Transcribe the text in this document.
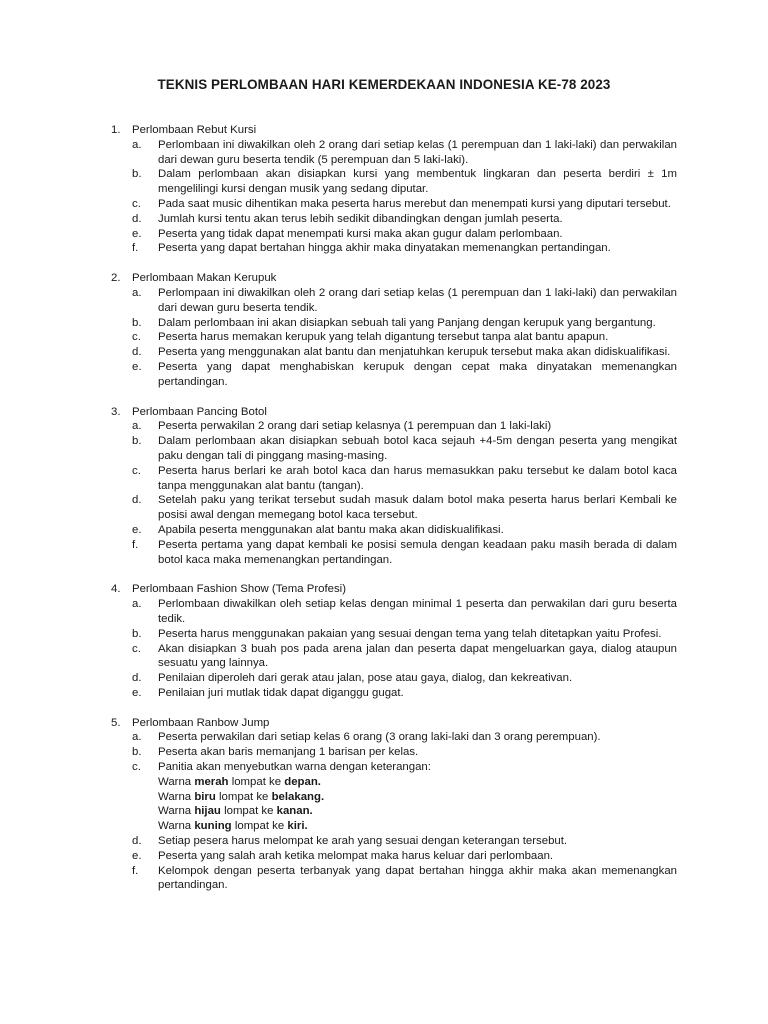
TEKNIS PERLOMBAAN HARI KEMERDEKAAN INDONESIA KE-78 2023
1.	Perlombaan Rebut Kursi
a.	Perlombaan ini diwakilkan oleh 2 orang dari setiap kelas (1 perempuan dan 1 laki-laki) dan perwakilan dari dewan guru beserta tendik (5 perempuan dan 5 laki-laki).
b.	Dalam perlombaan akan disiapkan kursi yang membentuk lingkaran dan peserta berdiri ± 1m mengelilingi kursi dengan musik yang sedang diputar.
c.	Pada saat music dihentikan maka peserta harus merebut dan menempati kursi yang diputari tersebut.
d.	Jumlah kursi tentu akan terus lebih sedikit dibandingkan dengan jumlah peserta.
e.	Peserta yang tidak dapat menempati kursi maka akan gugur dalam perlombaan.
f.	Peserta yang dapat bertahan hingga akhir maka dinyatakan memenangkan pertandingan.
2.	Perlombaan Makan Kerupuk
a.	Perlompaan ini diwakilkan oleh 2 orang dari setiap kelas (1 perempuan dan 1 laki-laki) dan perwakilan dari dewan guru beserta tendik.
b.	Dalam perlombaan ini akan disiapkan sebuah tali yang Panjang dengan kerupuk yang bergantung.
c.	Peserta harus memakan kerupuk yang telah digantung tersebut tanpa alat bantu apapun.
d.	Peserta yang menggunakan alat bantu dan menjatuhkan kerupuk tersebut maka akan didiskualifikasi.
e.	Peserta yang dapat menghabiskan kerupuk dengan cepat maka dinyatakan memenangkan pertandingan.
3.	Perlombaan Pancing Botol
a.	Peserta perwakilan 2 orang dari setiap kelasnya (1 perempuan dan 1 laki-laki)
b.	Dalam perlombaan akan disiapkan sebuah botol kaca sejauh +4-5m dengan peserta yang mengikat paku dengan tali di pinggang masing-masing.
c.	Peserta harus berlari ke arah botol kaca dan harus memasukkan paku tersebut ke dalam botol kaca tanpa menggunakan alat bantu (tangan).
d.	Setelah paku yang terikat tersebut sudah masuk dalam botol maka peserta harus berlari Kembali ke posisi awal dengan memegang botol kaca tersebut.
e.	Apabila peserta menggunakan alat bantu maka akan didiskualifikasi.
f.	Peserta pertama yang dapat kembali ke posisi semula dengan keadaan paku masih berada di dalam botol kaca maka memenangkan pertandingan.
4.	Perlombaan Fashion Show (Tema Profesi)
a.	Perlombaan diwakilkan oleh setiap kelas dengan minimal 1 peserta dan perwakilan dari guru beserta tedik.
b.	Peserta harus menggunakan pakaian yang sesuai dengan tema yang telah ditetapkan yaitu Profesi.
c.	Akan disiapkan 3 buah pos pada arena jalan dan peserta dapat mengeluarkan gaya, dialog ataupun sesuatu yang lainnya.
d.	Penilaian diperoleh dari gerak atau jalan, pose atau gaya, dialog, dan kekreativan.
e.	Penilaian juri mutlak tidak dapat diganggu gugat.
5.	Perlombaan Ranbow Jump
a.	Peserta perwakilan dari setiap kelas 6 orang (3 orang laki-laki dan 3 orang perempuan).
b.	Peserta akan baris memanjang 1 barisan per kelas.
c.	Panitia akan menyebutkan warna dengan keterangan:
Warna merah lompat ke depan.
Warna biru lompat ke belakang.
Warna hijau lompat ke kanan.
Warna kuning lompat ke kiri.
d.	Setiap pesera harus melompat ke arah yang sesuai dengan keterangan tersebut.
e.	Peserta yang salah arah ketika melompat maka harus keluar dari perlombaan.
f.	Kelompok dengan peserta terbanyak yang dapat bertahan hingga akhir maka akan memenangkan pertandingan.
